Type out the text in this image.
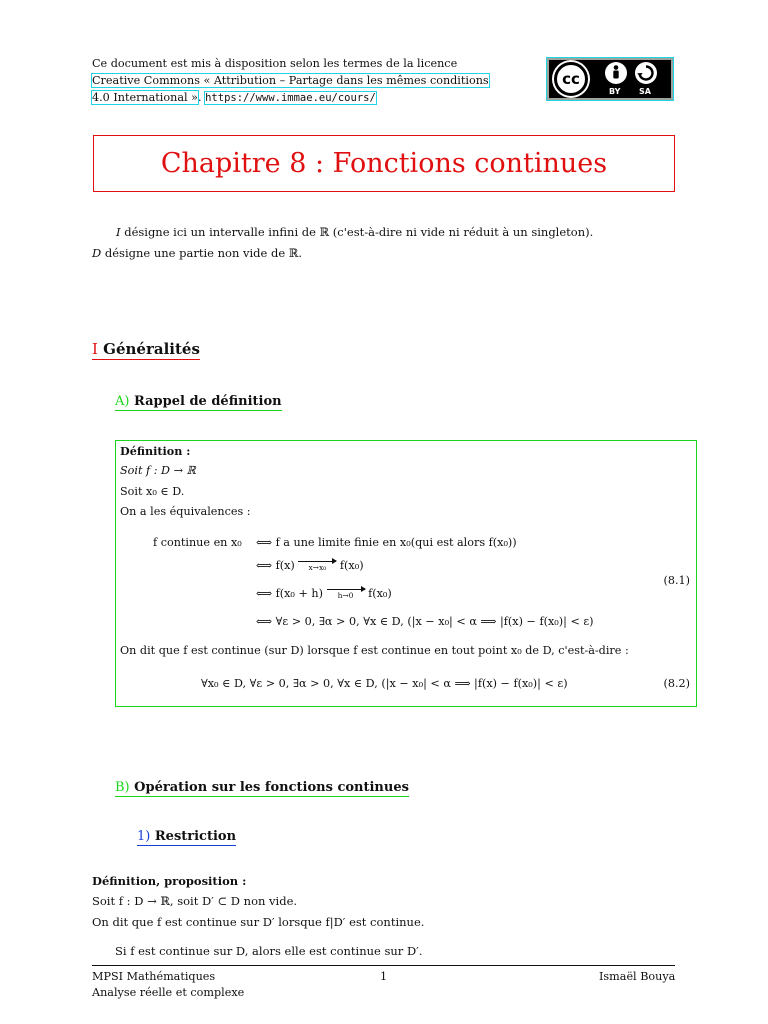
Ce document est mis à disposition selon les termes de la licence
Creative Commons « Attribution – Partage dans les mêmes conditions
4.0 International ». https://www.immae.eu/cours/
cc
BY SA
Chapitre 8 : Fonctions continues
I désigne ici un intervalle infini de ℝ (c'est-à-dire ni vide ni réduit à un singleton).
D désigne une partie non vide de ℝ.
I Généralités
A) Rappel de définition
Définition :
Soit f : D → ℝ
Soit x₀ ∈ D.
On a les équivalences :
f continue en x₀ ⟺ f a une limite finie en x₀(qui est alors f(x₀))
⟺ f(x)	x→x₀	f(x₀)
⟺ f(x₀ + h)	h→0	f(x₀)
(8.1)
⟺ ∀ε > 0, ∃α > 0, ∀x ∈ D, (|x − x₀| < α ⟹ |f(x) − f(x₀)| < ε)
On dit que f est continue (sur D) lorsque f est continue en tout point x₀ de D, c'est-à-dire :
∀x₀ ∈ D, ∀ε > 0, ∃α > 0, ∀x ∈ D, (|x − x₀| < α ⟹ |f(x) − f(x₀)| < ε)	(8.2)
B) Opération sur les fonctions continues
1) Restriction
Définition, proposition :
Soit f : D → ℝ, soit D′ ⊂ D non vide.
On dit que f est continue sur D′ lorsque f|D′ est continue.
Si f est continue sur D, alors elle est continue sur D′.
MPSI Mathématiques
Analyse réelle et complexe
1	Ismaël Bouya
